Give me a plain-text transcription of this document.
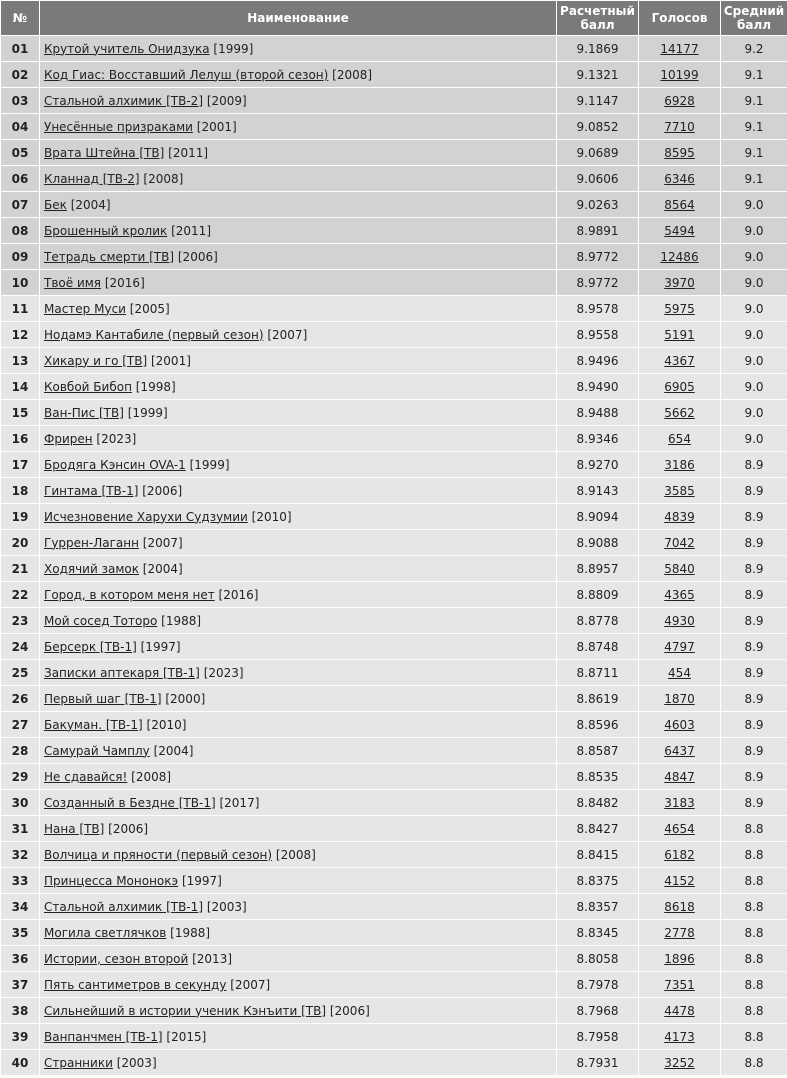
№	Наименование	Расчетный балл	Голосов	Средний балл
01	Крутой учитель Онидзука [1999]	9.1869	14177	9.2
02	Код Гиас: Восставший Лелуш (второй сезон) [2008]	9.1321	10199	9.1
03	Стальной алхимик [ТВ-2] [2009]	9.1147	6928	9.1
04	Унесённые призраками [2001]	9.0852	7710	9.1
05	Врата Штейна [ТВ] [2011]	9.0689	8595	9.1
06	Кланнад [ТВ-2] [2008]	9.0606	6346	9.1
07	Бек [2004]	9.0263	8564	9.0
08	Брошенный кролик [2011]	8.9891	5494	9.0
09	Тетрадь смерти [ТВ] [2006]	8.9772	12486	9.0
10	Твоё имя [2016]	8.9772	3970	9.0
11	Мастер Муси [2005]	8.9578	5975	9.0
12	Нодамэ Кантабиле (первый сезон) [2007]	8.9558	5191	9.0
13	Хикару и го [ТВ] [2001]	8.9496	4367	9.0
14	Ковбой Бибоп [1998]	8.9490	6905	9.0
15	Ван-Пис [ТВ] [1999]	8.9488	5662	9.0
16	Фрирен [2023]	8.9346	654	9.0
17	Бродяга Кэнсин OVA-1 [1999]	8.9270	3186	8.9
18	Гинтама [ТВ-1] [2006]	8.9143	3585	8.9
19	Исчезновение Харухи Судзумии [2010]	8.9094	4839	8.9
20	Гуррен-Лаганн [2007]	8.9088	7042	8.9
21	Ходячий замок [2004]	8.8957	5840	8.9
22	Город, в котором меня нет [2016]	8.8809	4365	8.9
23	Мой сосед Тоторо [1988]	8.8778	4930	8.9
24	Берсерк [ТВ-1] [1997]	8.8748	4797	8.9
25	Записки аптекаря [ТВ-1] [2023]	8.8711	454	8.9
26	Первый шаг [ТВ-1] [2000]	8.8619	1870	8.9
27	Бакуман. [ТВ-1] [2010]	8.8596	4603	8.9
28	Самурай Чамплу [2004]	8.8587	6437	8.9
29	Не сдавайся! [2008]	8.8535	4847	8.9
30	Созданный в Бездне [ТВ-1] [2017]	8.8482	3183	8.9
31	Нана [ТВ] [2006]	8.8427	4654	8.8
32	Волчица и пряности (первый сезон) [2008]	8.8415	6182	8.8
33	Принцесса Мононокэ [1997]	8.8375	4152	8.8
34	Стальной алхимик [ТВ-1] [2003]	8.8357	8618	8.8
35	Могила светлячков [1988]	8.8345	2778	8.8
36	Истории, сезон второй [2013]	8.8058	1896	8.8
37	Пять сантиметров в секунду [2007]	8.7978	7351	8.8
38	Сильнейший в истории ученик Кэнъити [ТВ] [2006]	8.7968	4478	8.8
39	Ванпанчмен [ТВ-1] [2015]	8.7958	4173	8.8
40	Странники [2003]	8.7931	3252	8.8
